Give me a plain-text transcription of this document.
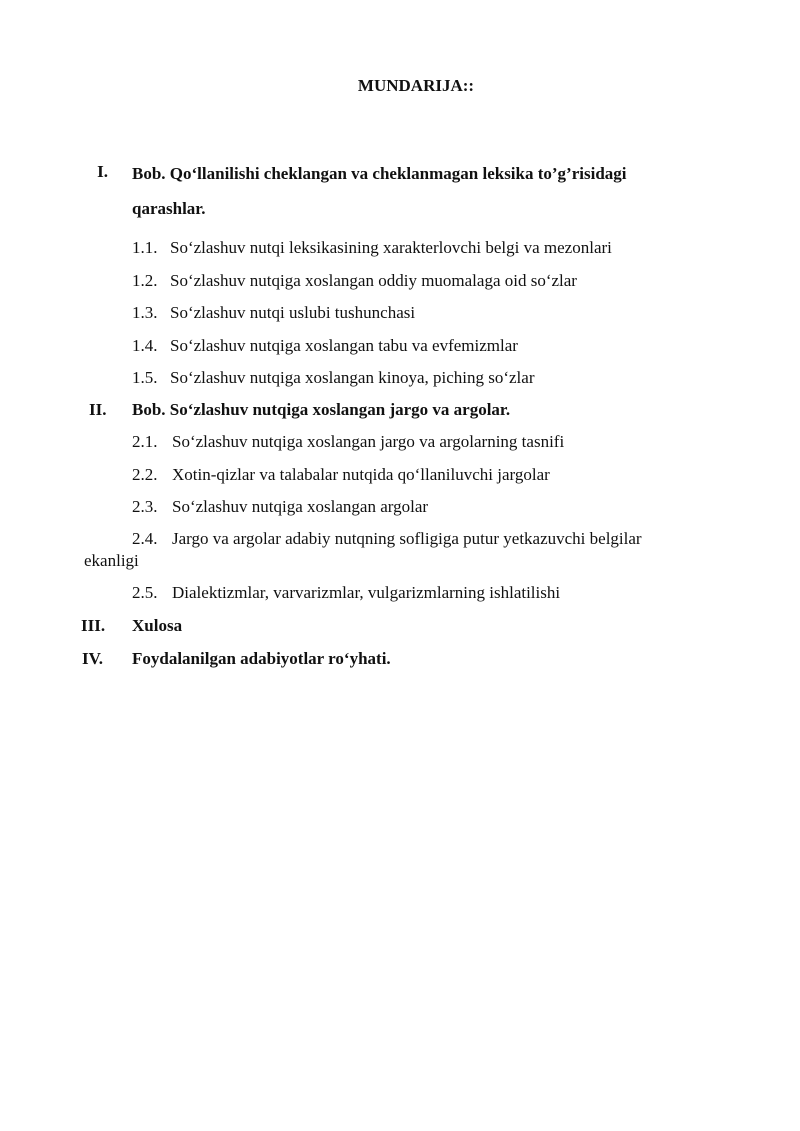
MUNDARIJA::
I. Bob. Qo‘llanilishi cheklangan va cheklanmagan leksika to’g’risidagi qarashlar.
1.1. So‘zlashuv nutqi leksikasining xarakterlovchi belgi va mezonlari
1.2. So‘zlashuv nutqiga xoslangan oddiy muomalaga oid so‘zlar
1.3. So‘zlashuv nutqi uslubi tushunchasi
1.4. So‘zlashuv nutqiga xoslangan tabu va evfemizmlar
1.5. So‘zlashuv nutqiga xoslangan kinoya, piching so‘zlar
II. Bob. So‘zlashuv nutqiga xoslangan jargo va argolar.
2.1. So‘zlashuv nutqiga xoslangan jargo va argolarning tasnifi
2.2. Xotin-qizlar va talabalar nutqida qo‘llaniluvchi jargolar
2.3. So‘zlashuv nutqiga xoslangan argolar
2.4. Jargo va argolar adabiy nutqning sofligiga putur yetkazuvchi belgilar
ekanligi
2.5. Dialektizmlar, varvarizmlar, vulgarizmlarning ishlatilishi
III. Xulosa
IV. Foydalanilgan adabiyotlar ro‘yhati.
